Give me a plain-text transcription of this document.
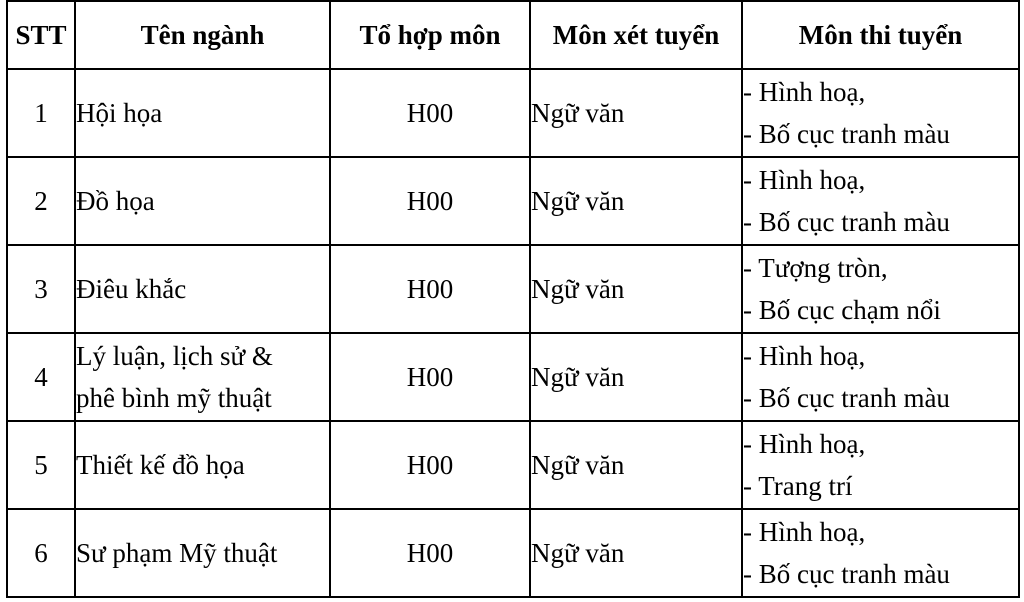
STT	Tên ngành	Tổ hợp môn	Môn xét tuyển	Môn thi tuyển
1	Hội họa	H00	Ngữ văn	- Hình hoạ,
- Bố cục tranh màu

2	Đồ họa	H00	Ngữ văn	- Hình hoạ,
- Bố cục tranh màu

3	Điêu khắc	H00	Ngữ văn	- Tượng tròn,
- Bố cục chạm nổi

4	Lý luận, lịch sử &
phê bình mỹ thuật	H00	Ngữ văn	- Hình hoạ,
- Bố cục tranh màu

5	Thiết kế đồ họa	H00	Ngữ văn	- Hình hoạ,
- Trang trí

6	Sư phạm Mỹ thuật	H00	Ngữ văn	- Hình hoạ,
- Bố cục tranh màu
